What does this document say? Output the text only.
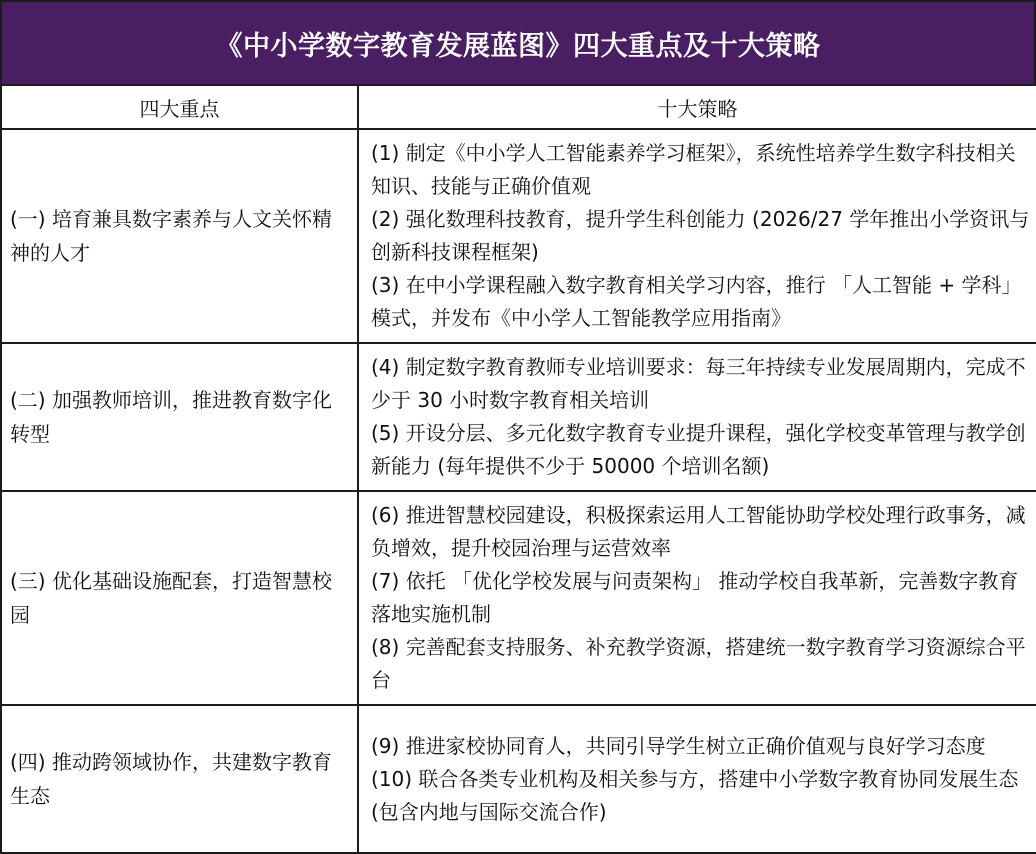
《中小学数字教育发展蓝图》四大重点及十大策略
四大重点	十大策略
(一) 培育兼具数字素养与人文关怀精神的人才	(1) 制定《中小学人工智能素养学习框架》，系统性培养学生数字科技相关知识、技能与正确价值观
(2) 强化数理科技教育，提升学生科创能力 (2026/27 学年推出小学资讯与创新科技课程框架)
(3) 在中小学课程融入数字教育相关学习内容，推行 「人工智能 + 学科」 模式，并发布《中小学人工智能教学应用指南》

(二) 加强教师培训，推进教育数字化转型	(4) 制定数字教育教师专业培训要求：每三年持续专业发展周期内，完成不少于 30 小时数字教育相关培训
(5) 开设分层、多元化数字教育专业提升课程，强化学校变革管理与教学创新能力 (每年提供不少于 50000 个培训名额)

(三) 优化基础设施配套，打造智慧校园	(6) 推进智慧校园建设，积极探索运用人工智能协助学校处理行政事务，减负增效，提升校园治理与运营效率
(7) 依托 「优化学校发展与问责架构」 推动学校自我革新，完善数字教育落地实施机制
(8) 完善配套支持服务、补充教学资源，搭建统一数字教育学习资源综合平台

(四) 推动跨领域协作，共建数字教育生态	(9) 推进家校协同育人，共同引导学生树立正确价值观与良好学习态度
(10) 联合各类专业机构及相关参与方，搭建中小学数字教育协同发展生态 (包含内地与国际交流合作)
